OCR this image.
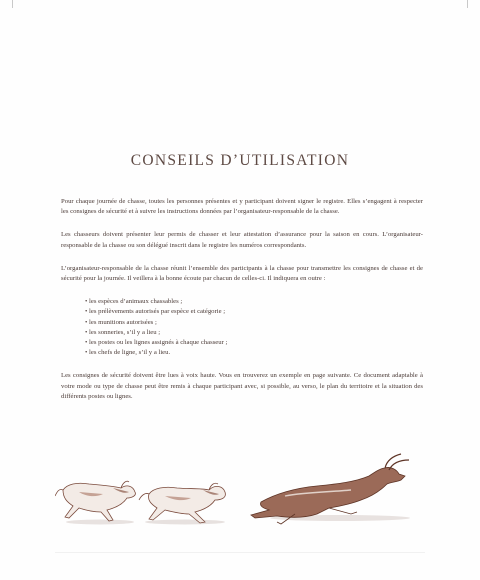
CONSEILS D’UTILISATION

Pour chaque journée de chasse, toutes les personnes présentes et y participant doivent signer le registre. Elles s’engagent à respecter les consignes de sécurité et à suivre les instructions données par l’organisateur-responsable de la chasse.

Les chasseurs doivent présenter leur permis de chasser et leur attestation d’assurance pour la saison en cours. L’organisateur-responsable de la chasse ou son délégué inscrit dans le registre les numéros correspondants.

L’organisateur-responsable de la chasse réunit l’ensemble des participants à la chasse pour transmettre les consignes de chasse et de sécurité pour la journée. Il veillera à la bonne écoute par chacun de celles-ci. Il indiquera en outre :

• les espèces d’animaux chassables ;
• les prélèvements autorisés par espèce et catégorie ;
• les munitions autorisées ;
• les sonneries, s’il y a lieu ;
• les postes ou les lignes assignés à chaque chasseur ;
• les chefs de ligne, s’il y a lieu.

Les consignes de sécurité doivent être lues à voix haute. Vous en trouverez un exemple en page suivante. Ce document adaptable à votre mode ou type de chasse peut être remis à chaque participant avec, si possible, au verso, le plan du territoire et la situation des différents postes ou lignes.
